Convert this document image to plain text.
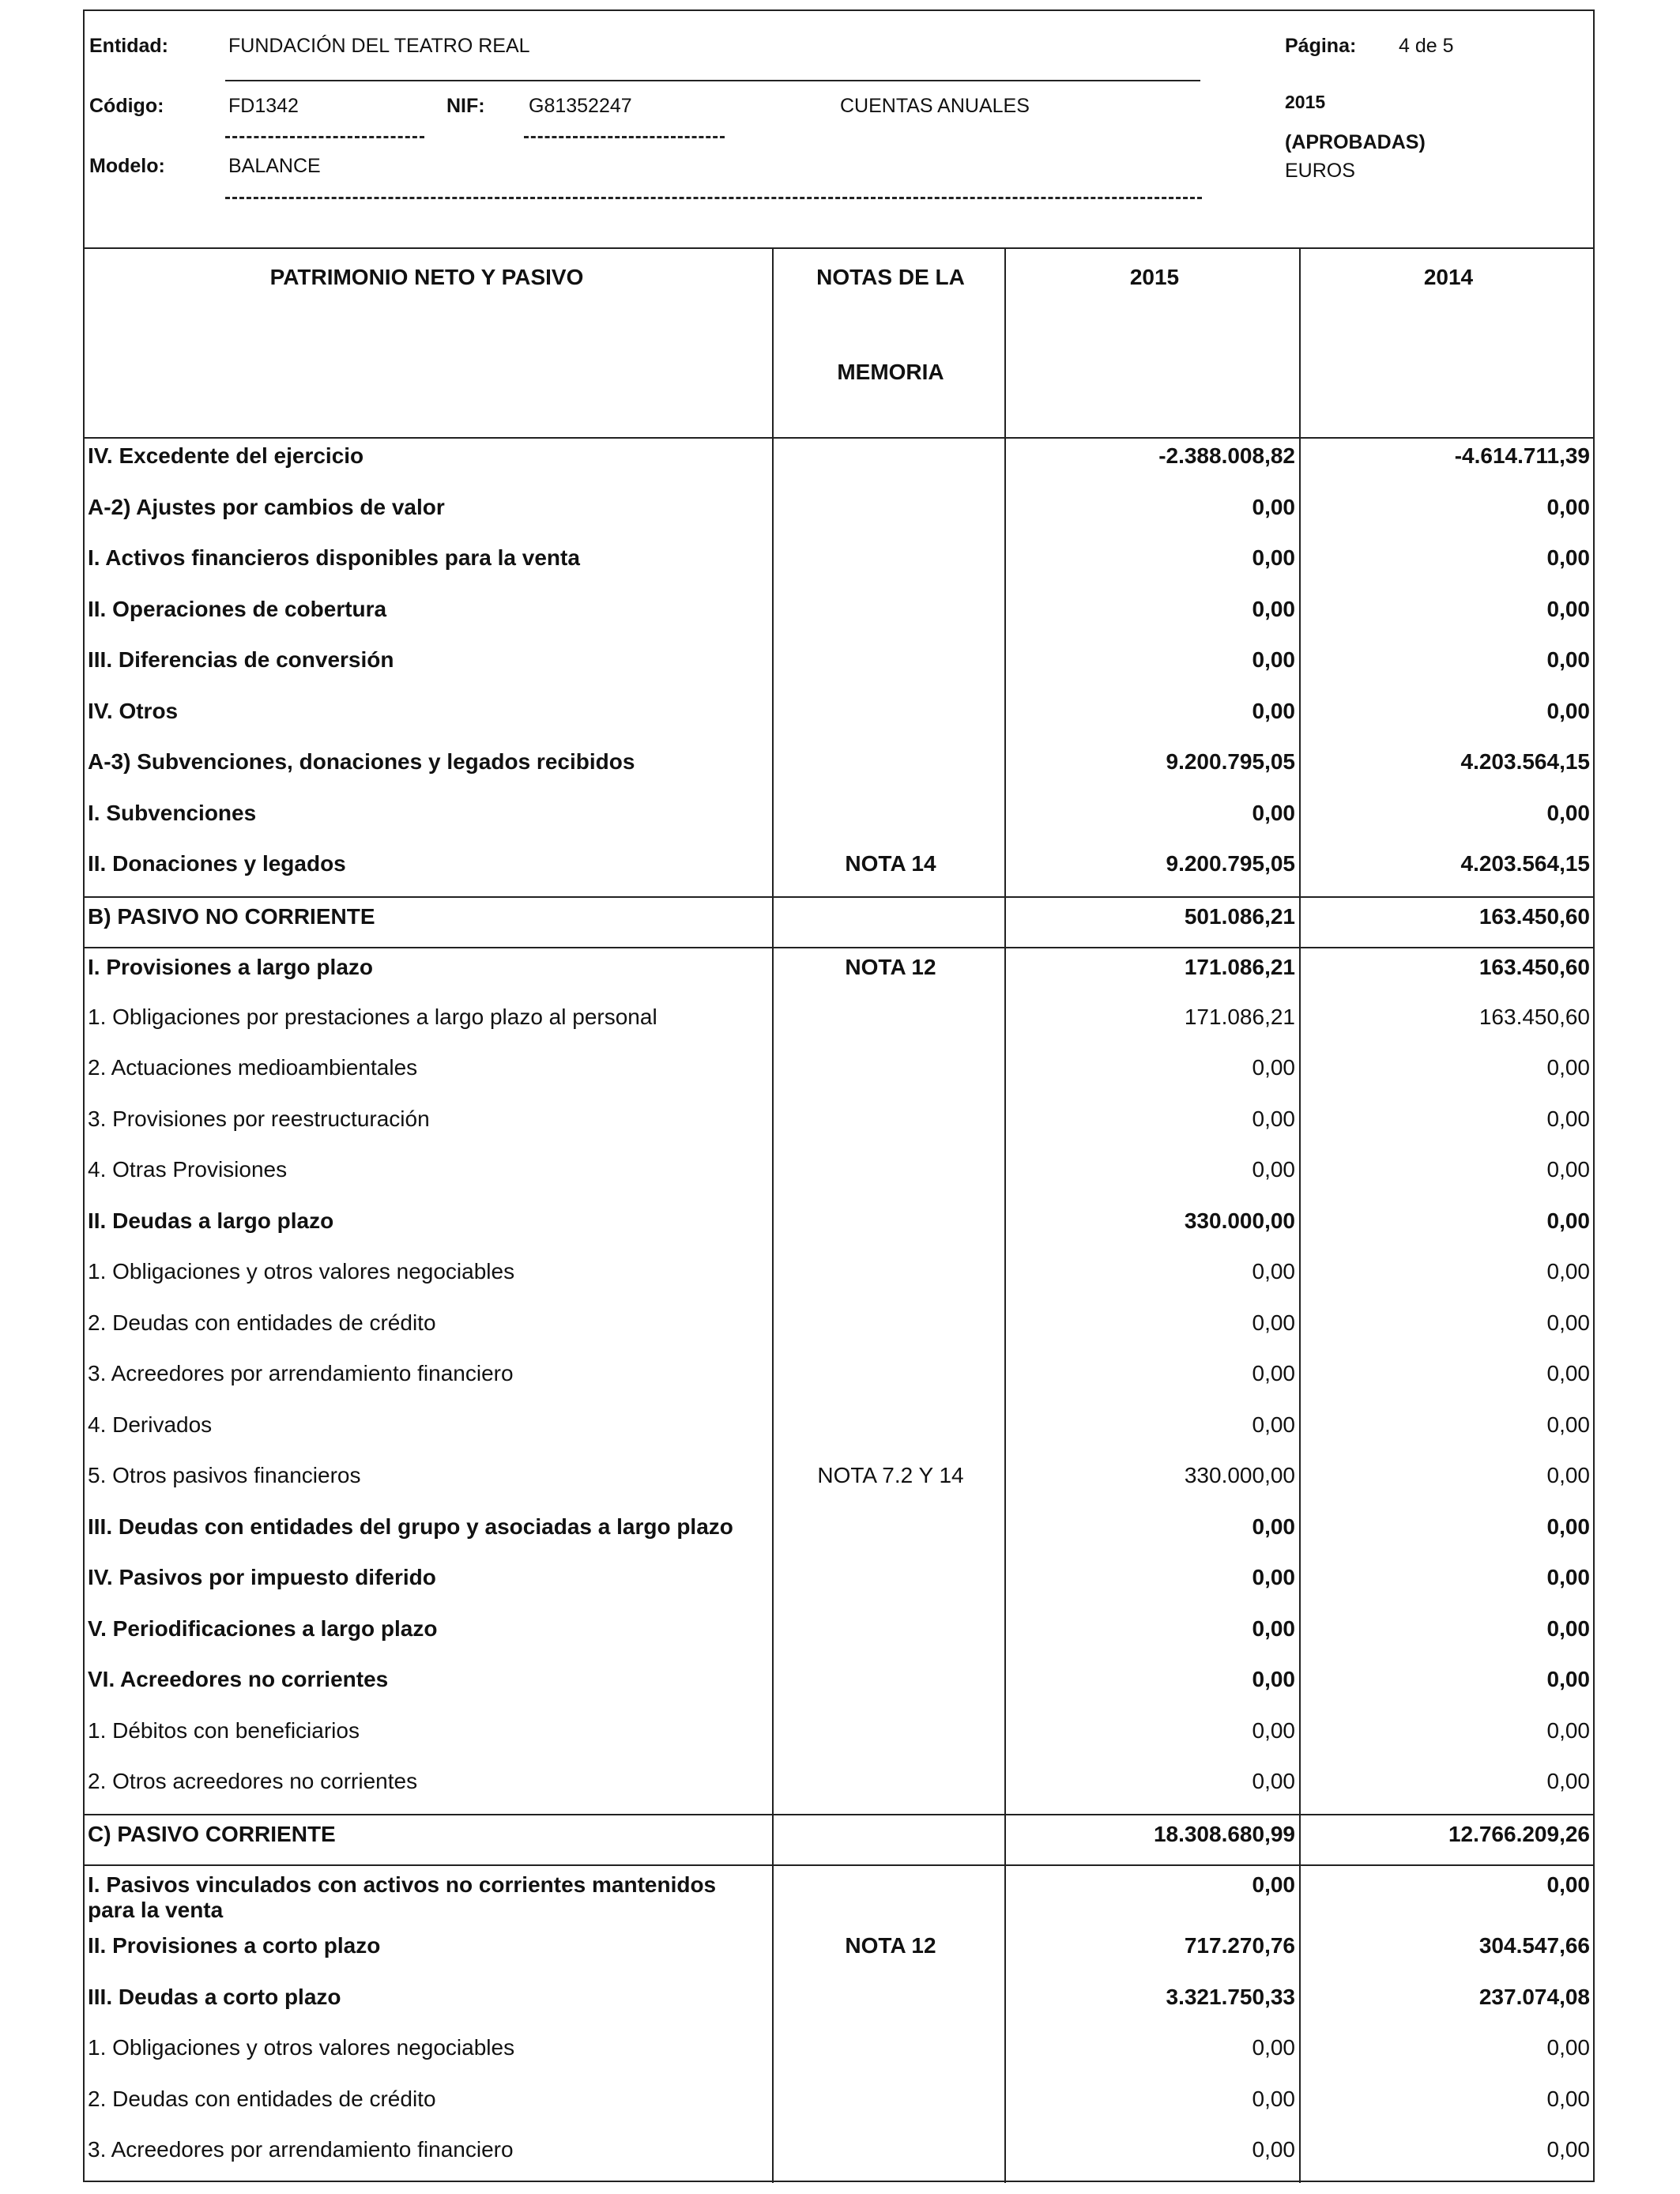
Entidad:	FUNDACIÓN DEL TEATRO REAL	Página: 4 de 5
Código:	FD1342	NIF: G81352247	CUENTAS ANUALES	2015
(APROBADAS)
Modelo:	BALANCE	EUROS
PATRIMONIO NETO Y PASIVO	NOTAS DE LA
MEMORIA
2015	2014
IV. Excedente del ejercicio	-2.388.008,82	-4.614.711,39
A-2) Ajustes por cambios de valor	0,00	0,00
I. Activos financieros disponibles para la venta	0,00	0,00
II. Operaciones de cobertura	0,00	0,00
III. Diferencias de conversión	0,00	0,00
IV. Otros	0,00	0,00
A-3) Subvenciones, donaciones y legados recibidos	9.200.795,05	4.203.564,15
I. Subvenciones	0,00	0,00
II. Donaciones y legados	NOTA 14	9.200.795,05	4.203.564,15
B) PASIVO NO CORRIENTE	501.086,21	163.450,60
I. Provisiones a largo plazo	NOTA 12	171.086,21	163.450,60
1. Obligaciones por prestaciones a largo plazo al personal	171.086,21	163.450,60
2. Actuaciones medioambientales	0,00	0,00
3. Provisiones por reestructuración	0,00	0,00
4. Otras Provisiones	0,00	0,00
II. Deudas a largo plazo	330.000,00	0,00
1. Obligaciones y otros valores negociables	0,00	0,00
2. Deudas con entidades de crédito	0,00	0,00
3. Acreedores por arrendamiento financiero	0,00	0,00
4. Derivados	0,00	0,00
5. Otros pasivos financieros	NOTA 7.2 Y 14	330.000,00	0,00
III. Deudas con entidades del grupo y asociadas a largo plazo	0,00	0,00
IV. Pasivos por impuesto diferido	0,00	0,00
V. Periodificaciones a largo plazo	0,00	0,00
VI. Acreedores no corrientes	0,00	0,00
1. Débitos con beneficiarios	0,00	0,00
2. Otros acreedores no corrientes	0,00	0,00
C) PASIVO CORRIENTE	18.308.680,99	12.766.209,26
I. Pasivos vinculados con activos no corrientes mantenidos para la venta
0,00	0,00
II. Provisiones a corto plazo	NOTA 12	717.270,76	304.547,66
III. Deudas a corto plazo	3.321.750,33	237.074,08
1. Obligaciones y otros valores negociables	0,00	0,00
2. Deudas con entidades de crédito	0,00	0,00
3. Acreedores por arrendamiento financiero	0,00	0,00
